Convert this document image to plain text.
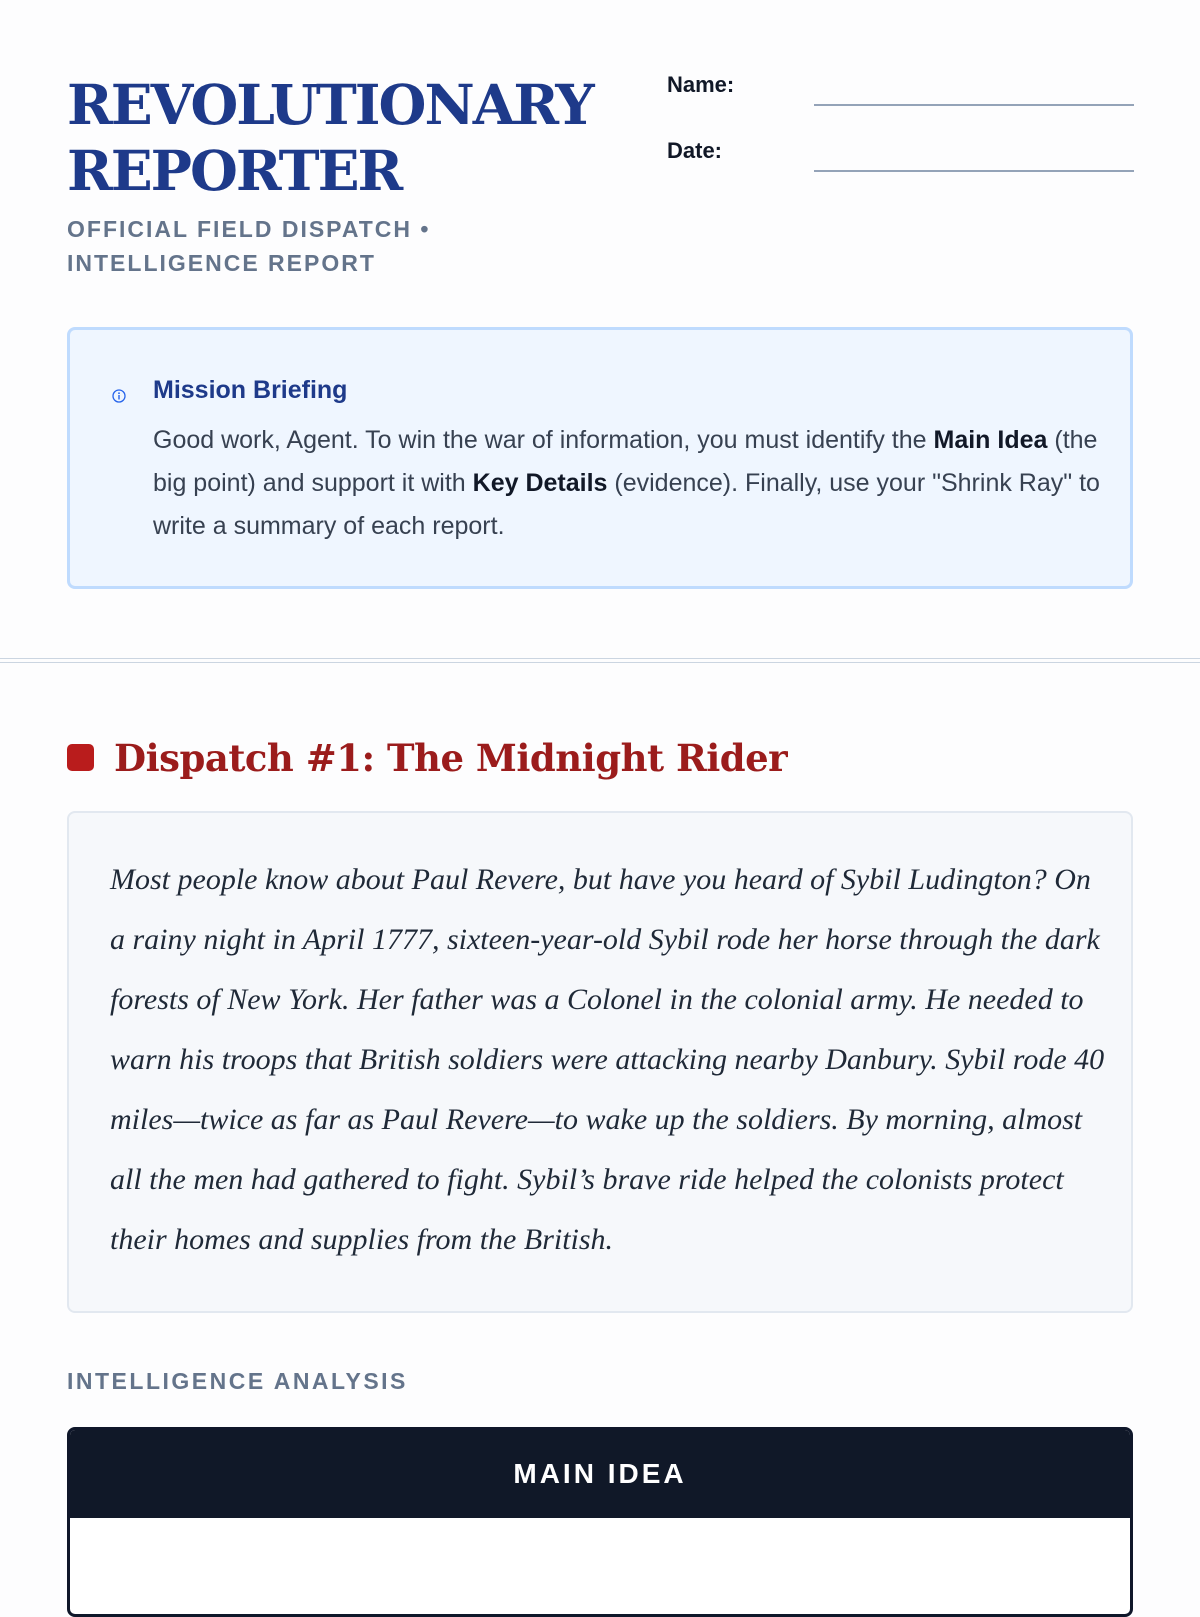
REVOLUTIONARY
REPORTER
OFFICIAL FIELD DISPATCH • INTELLIGENCE REPORT
Name:
Date:
Mission Briefing
Good work, Agent. To win the war of information, you must identify the Main Idea (the big point) and support it with Key Details (evidence). Finally, use your "Shrink Ray" to write a summary of each report.
Dispatch #1: The Midnight Rider

Most people know about Paul Revere, but have you heard of Sybil Ludington? On a rainy night in April 1777, sixteen-year-old Sybil rode her horse through the dark forests of New York. Her father was a Colonel in the colonial army. He needed to warn his troops that British soldiers were attacking nearby Danbury. Sybil rode 40 miles—twice as far as Paul Revere—to wake up the soldiers. By morning, almost all the men had gathered to fight. Sybil’s brave ride helped the colonists protect their homes and supplies from the British.

INTELLIGENCE ANALYSIS
MAIN IDEA
